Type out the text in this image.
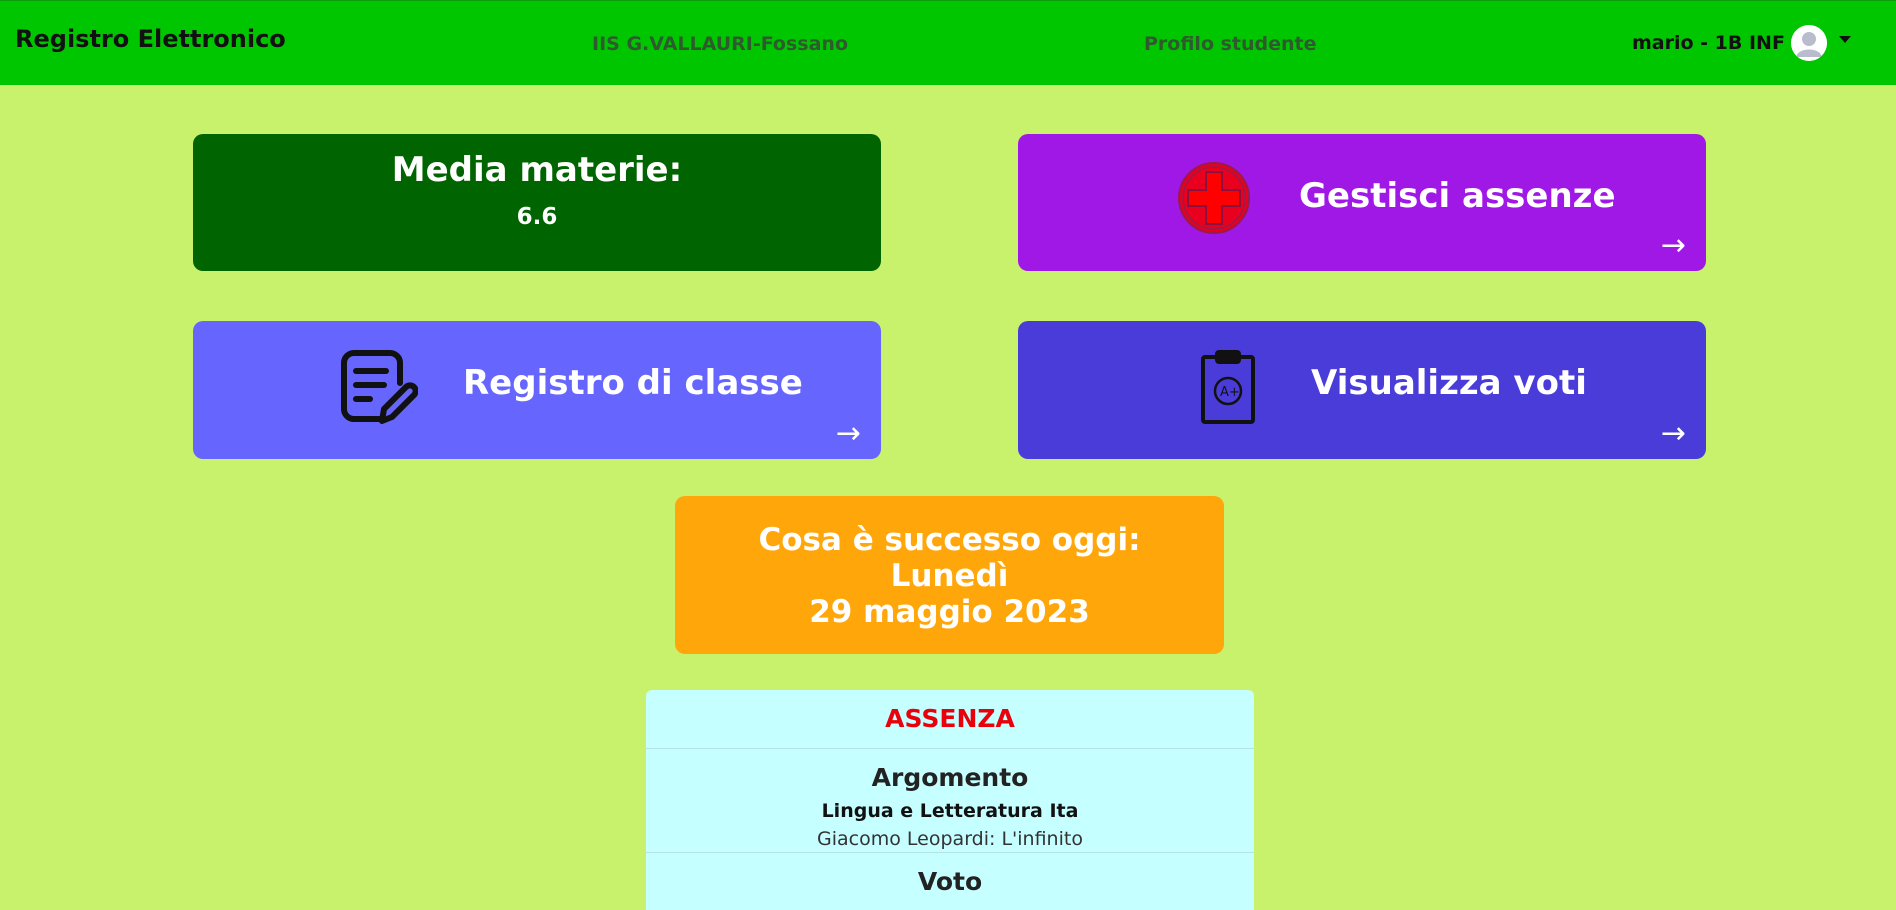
Registro Elettronico	IIS G.VALLAURI-Fossano	Profilo studente	mario - 1B INF
Media materie:
6.6
Gestisci assenze
→
Registro di classe
→
A+ Visualizza voti
→
Cosa è successo oggi:
Lunedì
29 maggio 2023
ASSENZA
Argomento
Lingua e Letteratura Ita
Giacomo Leopardi: L'infinito
Voto
